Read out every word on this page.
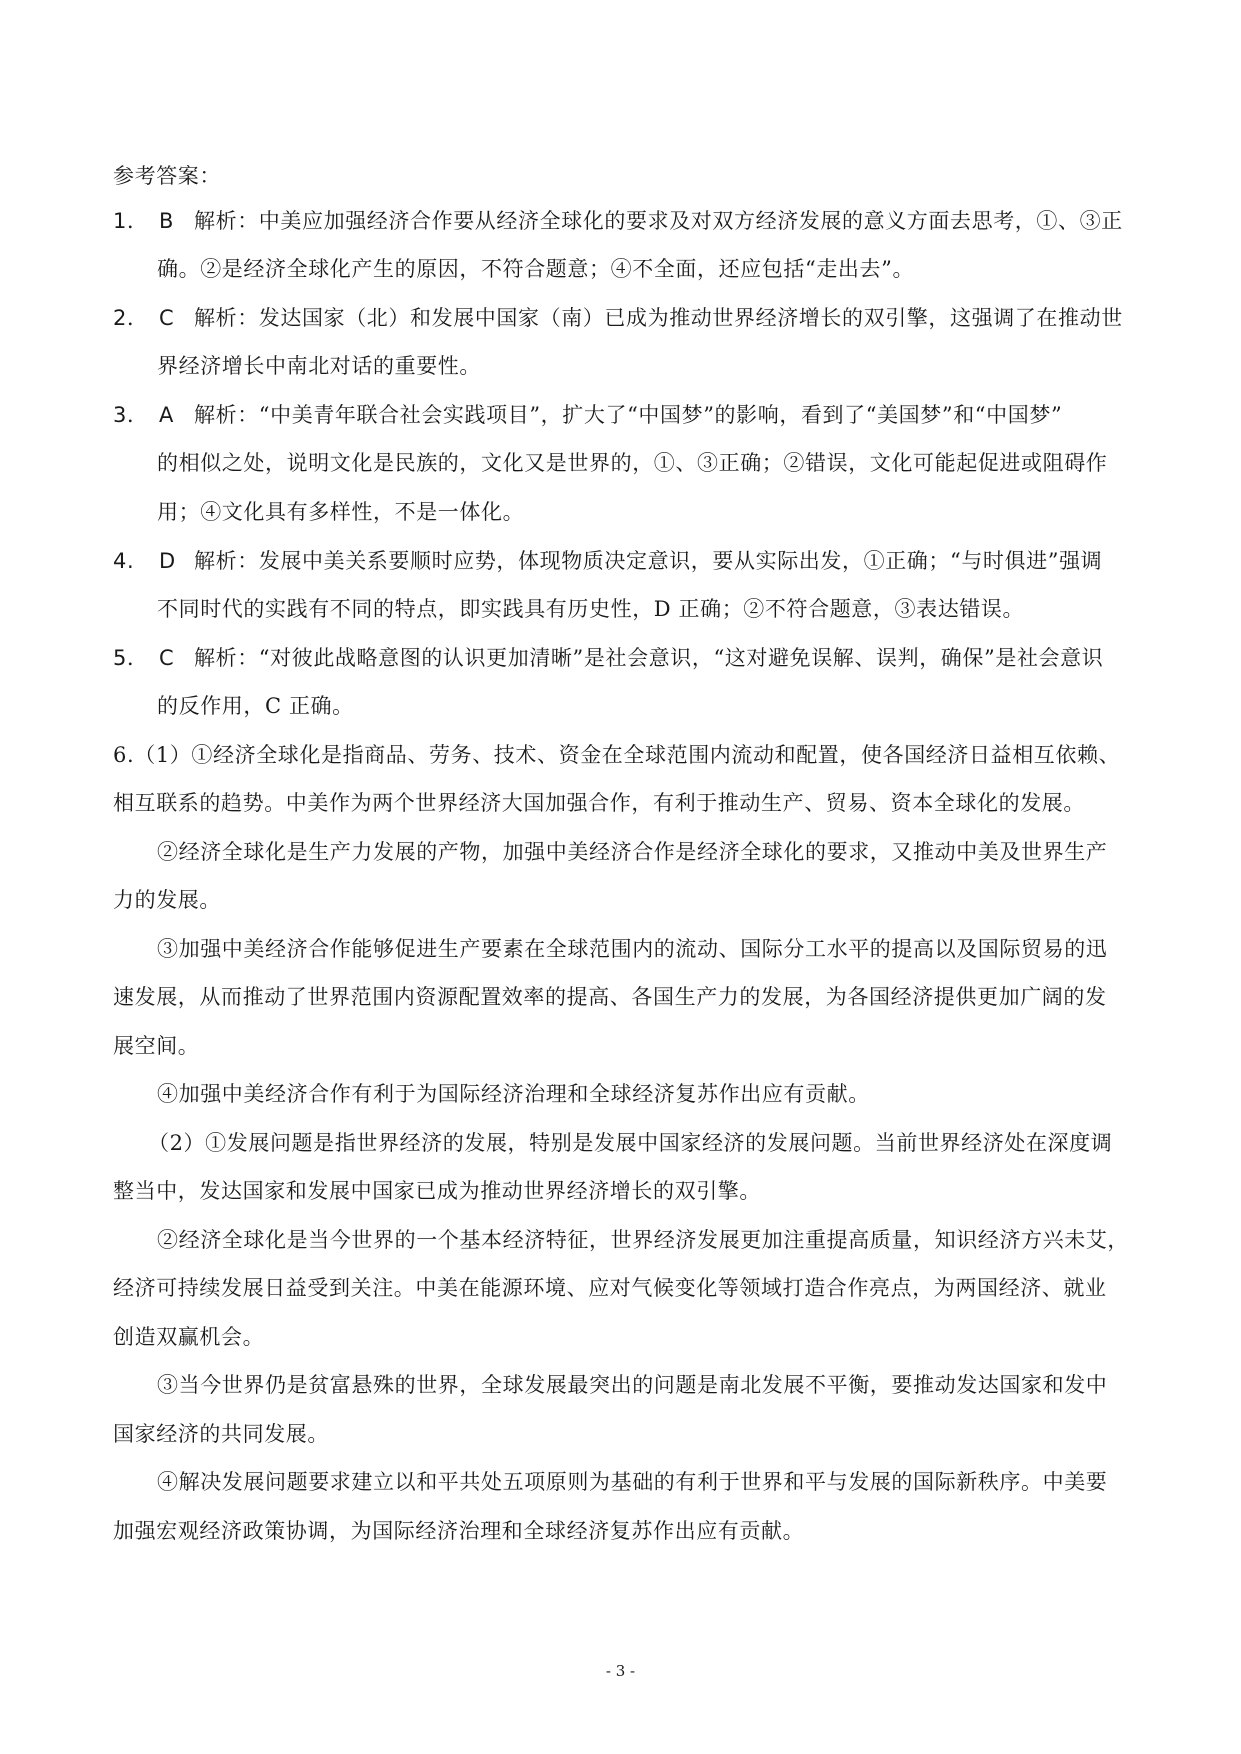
参考答案：
1． B 解析：中美应加强经济合作要从经济全球化的要求及对双方经济发展的意义方面去思考，①、③正
确。②是经济全球化产生的原因，不符合题意；④不全面，还应包括“走出去”。
2． C 解析：发达国家（北）和发展中国家（南）已成为推动世界经济增长的双引擎，这强调了在推动世
界经济增长中南北对话的重要性。
3． A 解析：“中美青年联合社会实践项目”，扩大了“中国梦”的影响，看到了“美国梦”和“中国梦”
的相似之处，说明文化是民族的，文化又是世界的，①、③正确；②错误，文化可能起促进或阻碍作
用；④文化具有多样性，不是一体化。
4. D 解析：发展中美关系要顺时应势，体现物质决定意识，要从实际出发，①正确；“与时俱进”强调
不同时代的实践有不同的特点，即实践具有历史性，D 正确；②不符合题意，③表达错误。
5． C 解析：“对彼此战略意图的认识更加清晰”是社会意识，“这对避免误解、误判，确保”是社会意识
的反作用，C 正确。
6.（1）①经济全球化是指商品、劳务、技术、资金在全球范围内流动和配置，使各国经济日益相互依赖、
相互联系的趋势。中美作为两个世界经济大国加强合作，有利于推动生产、贸易、资本全球化的发展。
②经济全球化是生产力发展的产物，加强中美经济合作是经济全球化的要求，又推动中美及世界生产
力的发展。
③加强中美经济合作能够促进生产要素在全球范围内的流动、国际分工水平的提高以及国际贸易的迅
速发展，从而推动了世界范围内资源配置效率的提高、各国生产力的发展，为各国经济提供更加广阔的发
展空间。
④加强中美经济合作有利于为国际经济治理和全球经济复苏作出应有贡献。
（2）①发展问题是指世界经济的发展，特别是发展中国家经济的发展问题。当前世界经济处在深度调
整当中，发达国家和发展中国家已成为推动世界经济增长的双引擎。
②经济全球化是当今世界的一个基本经济特征，世界经济发展更加注重提高质量，知识经济方兴未艾，
经济可持续发展日益受到关注。中美在能源环境、应对气候变化等领域打造合作亮点，为两国经济、就业
创造双赢机会。
③当今世界仍是贫富悬殊的世界，全球发展最突出的问题是南北发展不平衡，要推动发达国家和发中
国家经济的共同发展。
④解决发展问题要求建立以和平共处五项原则为基础的有利于世界和平与发展的国际新秩序。中美要
加强宏观经济政策协调，为国际经济治理和全球经济复苏作出应有贡献。
- 3 -
